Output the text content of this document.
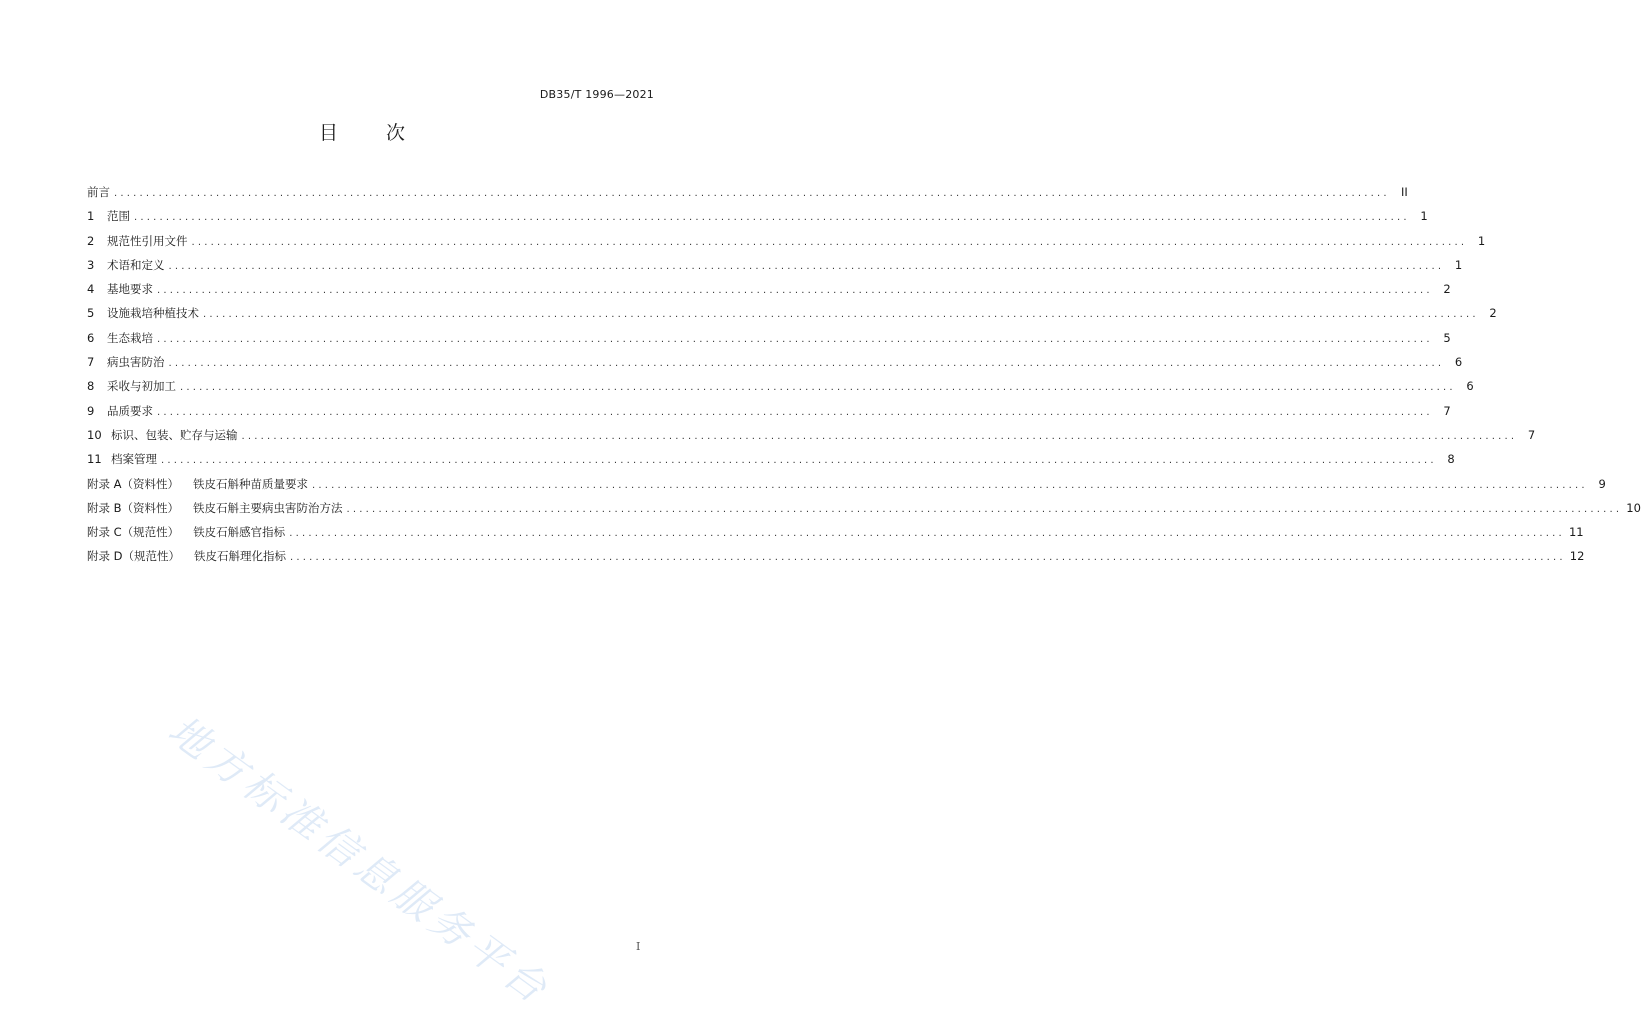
DB35/T 1996—2021
目	次
前言 ........................................................................................................................................................................................................ II
1	范围 ........................................................................................................................................................................................................ 1
2	规范性引用文件 ........................................................................................................................................................................................................ 1
3	术语和定义 ........................................................................................................................................................................................................ 1
4	基地要求 ........................................................................................................................................................................................................ 2
5	设施栽培种植技术 ........................................................................................................................................................................................................ 2
6	生态栽培 ........................................................................................................................................................................................................ 5
7	病虫害防治 ........................................................................................................................................................................................................ 6
8	采收与初加工 ........................................................................................................................................................................................................ 6
9	品质要求 ........................................................................................................................................................................................................ 7
10 标识、包装、贮存与运输 ........................................................................................................................................................................................................ 7
11 档案管理 ........................................................................................................................................................................................................ 8
附录 A （资料性） 铁皮石斛种苗质量要求 ........................................................................................................................................................................................................ 9
附录 B （资料性） 铁皮石斛主要病虫害防治方法 ........................................................................................................................................................................................................ 10
附录 C （规范性） 铁皮石斛感官指标 ........................................................................................................................................................................................................ 11
附录 D （规范性） 铁皮石斛理化指标 ........................................................................................................................................................................................................ 12
地方标准信息服务平台	I
